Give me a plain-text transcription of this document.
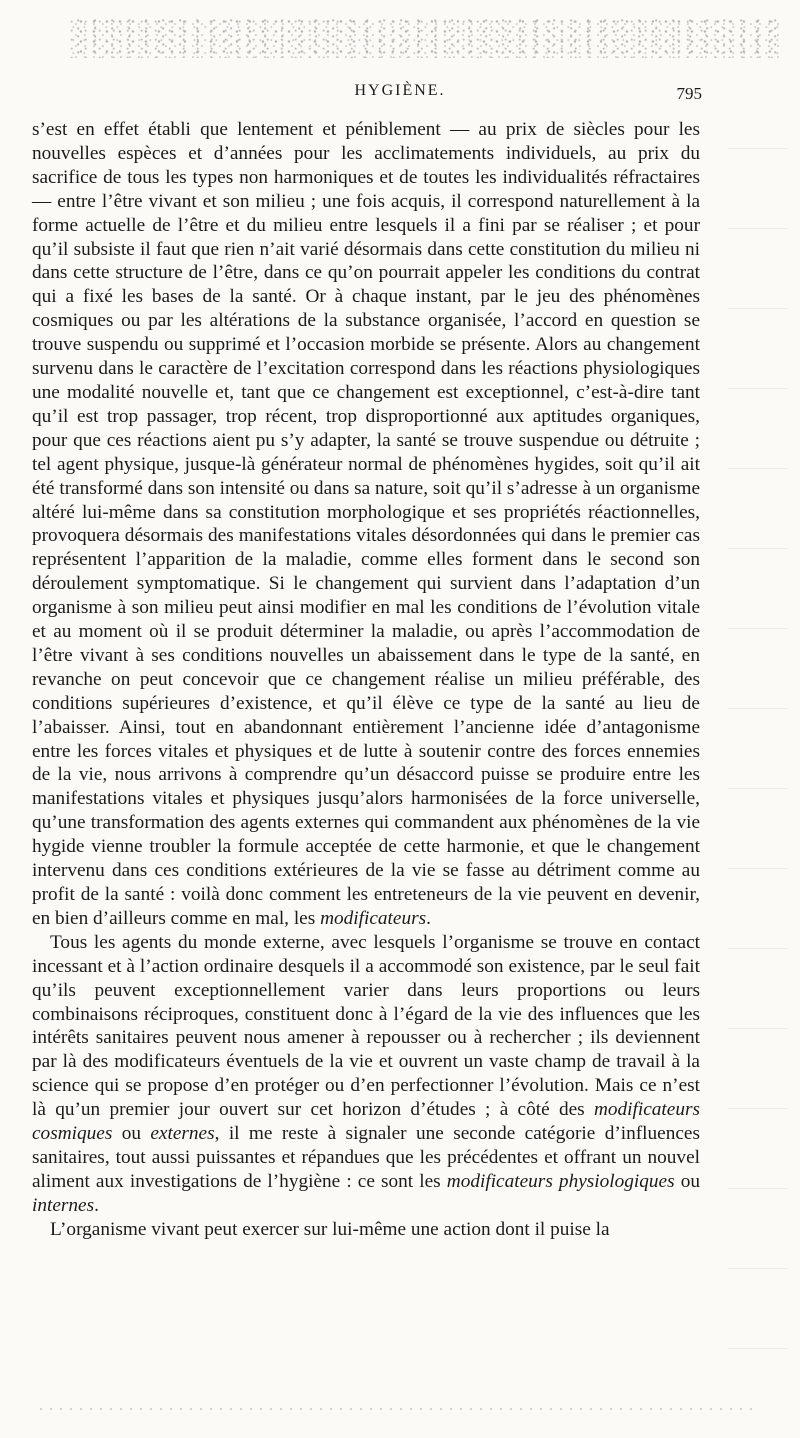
HYGIÈNE.	795

s’est en effet établi que lentement et péniblement — au prix de siècles pour les nouvelles espèces et d’années pour les acclimatements individuels, au prix du sacrifice de tous les types non harmoniques et de toutes les individualités réfractaires — entre l’être vivant et son milieu ; une fois acquis, il correspond naturellement à la forme actuelle de l’être et du milieu entre lesquels il a fini par se réaliser ; et pour qu’il subsiste il faut que rien n’ait varié désormais dans cette constitution du milieu ni dans cette structure de l’être, dans ce qu’on pourrait appeler les conditions du contrat qui a fixé les bases de la santé. Or à chaque instant, par le jeu des phénomènes cosmiques ou par les altérations de la substance organisée, l’accord en question se trouve suspendu ou supprimé et l’occasion morbide se présente. Alors au changement survenu dans le caractère de l’excitation correspond dans les réactions physiologiques une modalité nouvelle et, tant que ce changement est exceptionnel, c’est-à-dire tant qu’il est trop passager, trop récent, trop disproportionné aux aptitudes organiques, pour que ces réactions aient pu s’y adapter, la santé se trouve suspendue ou détruite ; tel agent physique, jusque-là générateur normal de phénomènes hygides, soit qu’il ait été transformé dans son intensité ou dans sa nature, soit qu’il s’adresse à un organisme altéré lui-même dans sa constitution morphologique et ses propriétés réactionnelles, provoquera désormais des manifestations vitales désordonnées qui dans le premier cas représentent l’apparition de la maladie, comme elles forment dans le second son déroulement symptomatique. Si le changement qui survient dans l’adaptation d’un organisme à son milieu peut ainsi modifier en mal les conditions de l’évolution vitale et au moment où il se produit déterminer la maladie, ou après l’accommodation de l’être vivant à ses conditions nouvelles un abaissement dans le type de la santé, en revanche on peut concevoir que ce changement réalise un milieu préférable, des conditions supérieures d’existence, et qu’il élève ce type de la santé au lieu de l’abaisser. Ainsi, tout en abandonnant entièrement l’ancienne idée d’antagonisme entre les forces vitales et physiques et de lutte à soutenir contre des forces ennemies de la vie, nous arrivons à comprendre qu’un désaccord puisse se produire entre les manifestations vitales et physiques jusqu’alors harmonisées de la force universelle, qu’une transformation des agents externes qui commandent aux phénomènes de la vie hygide vienne troubler la formule acceptée de cette harmonie, et que le changement intervenu dans ces conditions extérieures de la vie se fasse au détriment comme au profit de la santé : voilà donc comment les entreteneurs de la vie peuvent en devenir, en bien d’ailleurs comme en mal, les modificateurs.

Tous les agents du monde externe, avec lesquels l’organisme se trouve en contact incessant et à l’action ordinaire desquels il a accommodé son existence, par le seul fait qu’ils peuvent exceptionnellement varier dans leurs proportions ou leurs combinaisons réciproques, constituent donc à l’égard de la vie des influences que les intérêts sanitaires peuvent nous amener à repousser ou à rechercher ; ils deviennent par là des modificateurs éventuels de la vie et ouvrent un vaste champ de travail à la science qui se propose d’en protéger ou d’en perfectionner l’évolution. Mais ce n’est là qu’un premier jour ouvert sur cet horizon d’études ; à côté des modificateurs cosmiques ou externes, il me reste à signaler une seconde catégorie d’influences sanitaires, tout aussi puissantes et répandues que les précédentes et offrant un nouvel aliment aux investigations de l’hygiène : ce sont les modificateurs physiologiques ou internes.

L’organisme vivant peut exercer sur lui-même une action dont il puise la
